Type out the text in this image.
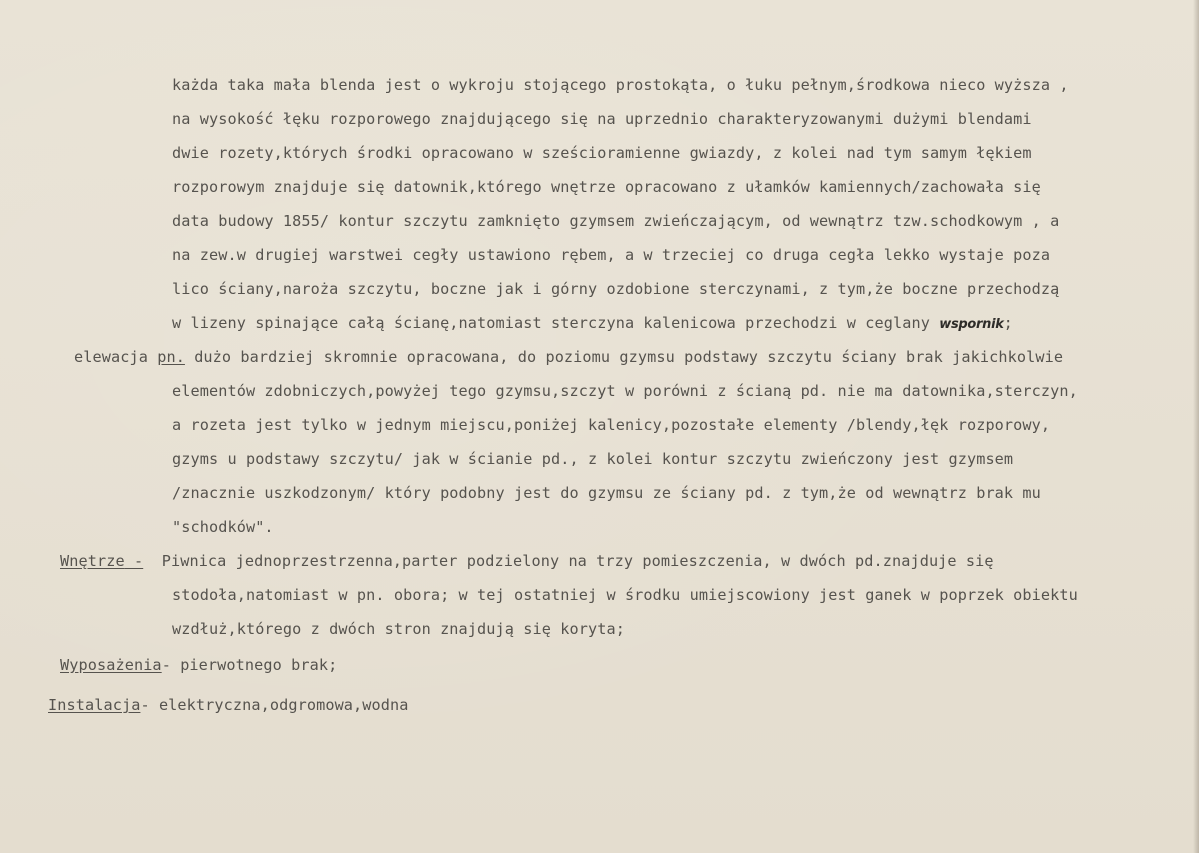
każda taka mała blenda jest o wykroju stojącego prostokąta, o łuku pełnym,środkowa nieco wyższa ,
na wysokość łęku rozporowego znajdującego się na uprzednio charakteryzowanymi dużymi blendami
dwie rozety,których środki opracowano w sześcioramienne gwiazdy, z kolei nad tym samym łękiem
rozporowym znajduje się datownik,którego wnętrze opracowano z ułamków kamiennych/zachowała się
data budowy 1855/ kontur szczytu zamknięto gzymsem zwieńczającym, od wewnątrz tzw.schodkowym , a
na zew.w drugiej warstwei cegły ustawiono rębem, a w trzeciej co druga cegła lekko wystaje poza
lico ściany,naroża szczytu, boczne jak i górny ozdobione sterczynami, z tym,że boczne przechodzą
w lizeny spinające całą ścianę,natomiast sterczyna kalenicowa przechodzi w ceglany wspornik;
elewacja pn. dużo bardziej skromnie opracowana, do poziomu gzymsu podstawy szczytu ściany brak jakichkolwie
elementów zdobniczych,powyżej tego gzymsu,szczyt w porówni z ścianą pd. nie ma datownika,sterczyn,
a rozeta jest tylko w jednym miejscu,poniżej kalenicy,pozostałe elementy /blendy,łęk rozporowy,
gzyms u podstawy szczytu/ jak w ścianie pd., z kolei kontur szczytu zwieńczony jest gzymsem
/znacznie uszkodzonym/ który podobny jest do gzymsu ze ściany pd. z tym,że od wewnątrz brak mu
"schodków".
Wnętrze - Piwnica jednoprzestrzenna,parter podzielony na trzy pomieszczenia, w dwóch pd.znajduje się
stodoła,natomiast w pn. obora; w tej ostatniej w środku umiejscowiony jest ganek w poprzek obiektu
wzdłuż,którego z dwóch stron znajdują się koryta;
Wyposażenia- pierwotnego brak;
Instalacja- elektryczna,odgromowa,wodna
